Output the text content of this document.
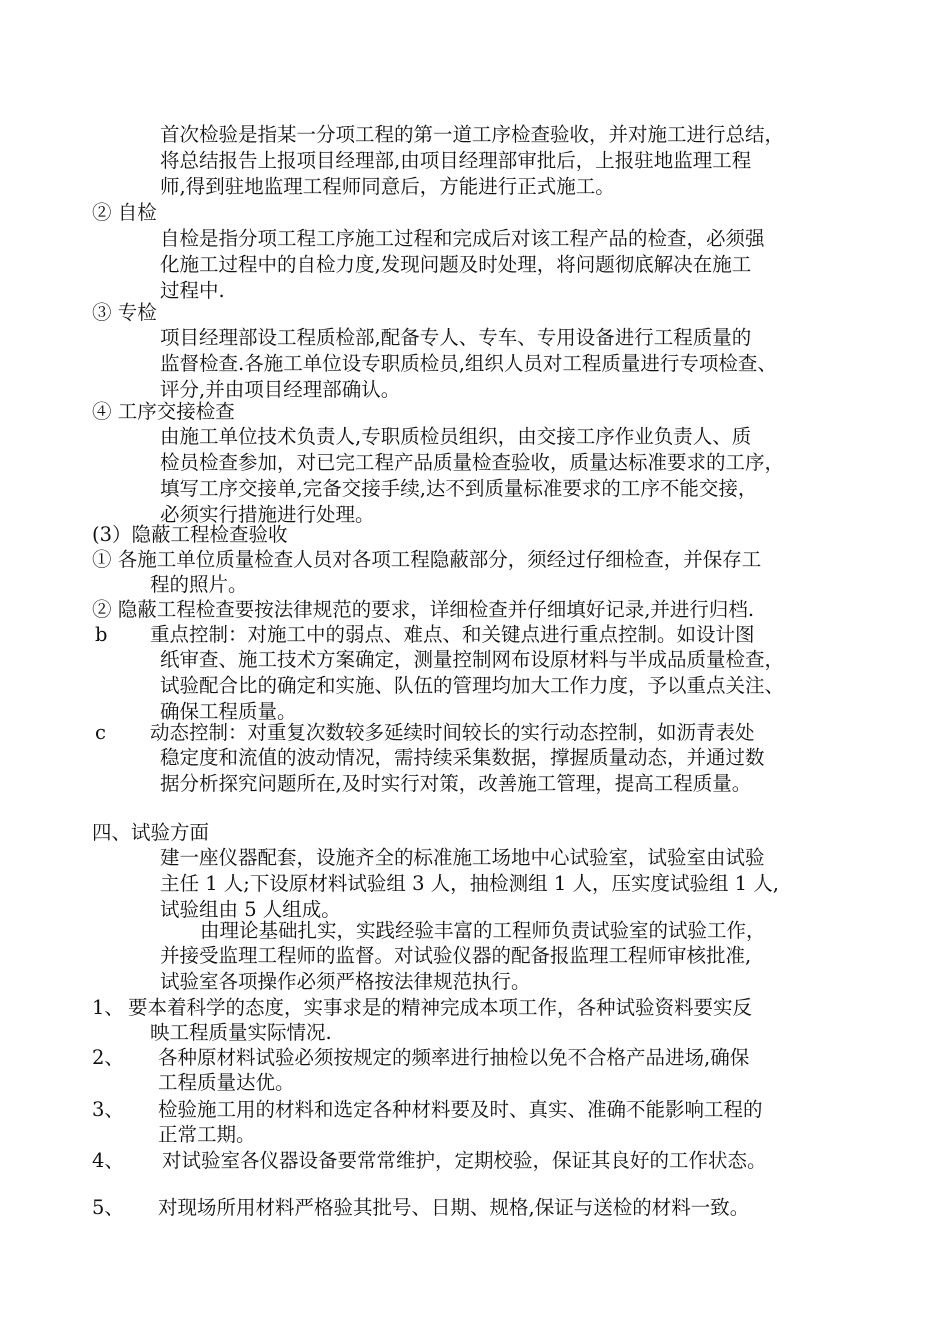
首次检验是指某一分项工程的第一道工序检查验收，并对施工进行总结，
将总结报告上报项目经理部,由项目经理部审批后，上报驻地监理工程
师,得到驻地监理工程师同意后，方能进行正式施工。
② 自检
自检是指分项工程工序施工过程和完成后对该工程产品的检查，必须强
化施工过程中的自检力度,发现问题及时处理，将问题彻底解决在施工
过程中.
③ 专检
项目经理部设工程质检部,配备专人、专车、专用设备进行工程质量的
监督检查.各施工单位设专职质检员,组织人员对工程质量进行专项检查、
评分,并由项目经理部确认。
④ 工序交接检查
由施工单位技术负责人,专职质检员组织，由交接工序作业负责人、质
检员检查参加，对已完工程产品质量检查验收，质量达标准要求的工序，
填写工序交接单,完备交接手续,达不到质量标准要求的工序不能交接，
必须实行措施进行处理。
(3）隐蔽工程检查验收
① 各施工单位质量检查人员对各项工程隐蔽部分，须经过仔细检查，并保存工
程的照片。
② 隐蔽工程检查要按法律规范的要求，详细检查并仔细填好记录,并进行归档.
b 重点控制：对施工中的弱点、难点、和关键点进行重点控制。如设计图
纸审查、施工技术方案确定，测量控制网布设原材料与半成品质量检查，
试验配合比的确定和实施、队伍的管理均加大工作力度，予以重点关注、
确保工程质量。
c 动态控制：对重复次数较多延续时间较长的实行动态控制，如沥青表处
稳定度和流值的波动情况，需持续采集数据，撑握质量动态，并通过数
据分析探究问题所在,及时实行对策，改善施工管理，提高工程质量。
四、试验方面
建一座仪器配套，设施齐全的标准施工场地中心试验室，试验室由试验
主任 1 人;下设原材料试验组 3 人，抽检测组 1 人，压实度试验组 1 人,
试验组由 5 人组成。
由理论基础扎实，实践经验丰富的工程师负责试验室的试验工作，
并接受监理工程师的监督。对试验仪器的配备报监理工程师审核批准,
试验室各项操作必须严格按法律规范执行。
1、 要本着科学的态度，实事求是的精神完成本项工作，各种试验资料要实反
映工程质量实际情况.
2、 各种原材料试验必须按规定的频率进行抽检以免不合格产品进场,确保
工程质量达优。
3、 检验施工用的材料和选定各种材料要及时、真实、准确不能影响工程的
正常工期。
4、 对试验室各仪器设备要常常维护，定期校验，保证其良好的工作状态。
5、 对现场所用材料严格验其批号、日期、规格,保证与送检的材料一致。
